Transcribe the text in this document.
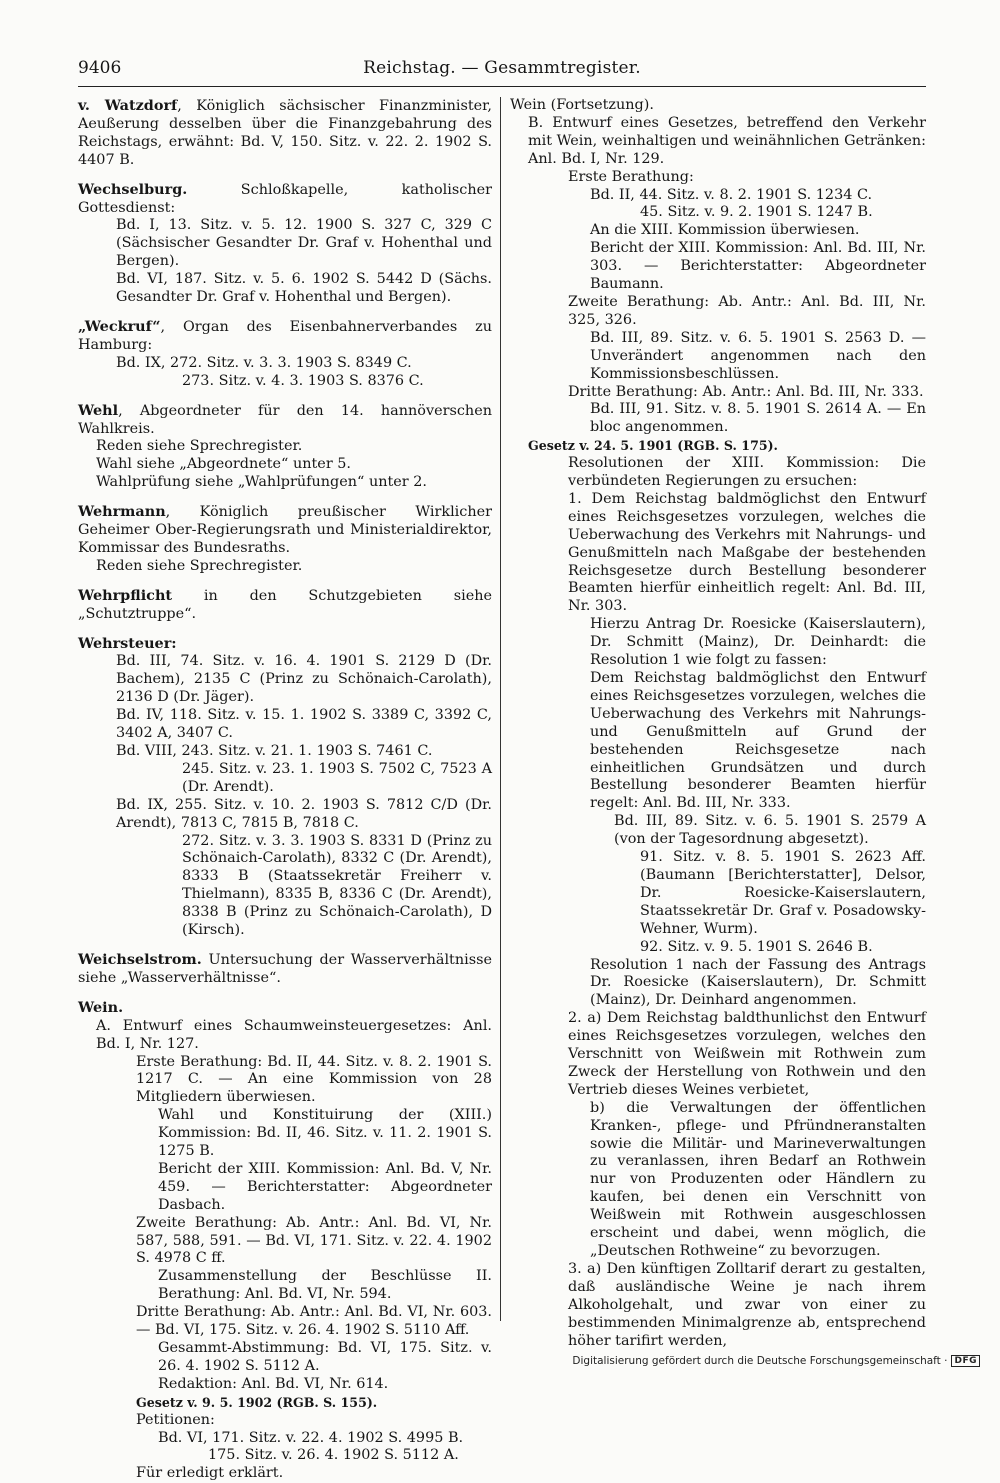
9406	Reichstag. — Gesammtregister.

v. Watzdorf, Königlich sächsischer Finanzminister, Aeußerung desselben über die Finanzgebahrung des Reichstags, erwähnt: Bd. V, 150. Sitz. v. 22. 2. 1902 S. 4407 B.

Wechselburg. Schloßkapelle, katholischer Gottesdienst:

Bd. I, 13. Sitz. v. 5. 12. 1900 S. 327 C, 329 C (Sächsischer Gesandter Dr. Graf v. Hohenthal und Bergen).

Bd. VI, 187. Sitz. v. 5. 6. 1902 S. 5442 D (Sächs. Gesandter Dr. Graf v. Hohenthal und Bergen).

„Weckruf“, Organ des Eisenbahnerverbandes zu Hamburg:

Bd. IX, 272. Sitz. v. 3. 3. 1903 S. 8349 C.

273. Sitz. v. 4. 3. 1903 S. 8376 C.

Wehl, Abgeordneter für den 14. hannöverschen Wahlkreis.

Reden siehe Sprechregister.

Wahl siehe „Abgeordnete“ unter 5.

Wahlprüfung siehe „Wahlprüfungen“ unter 2.

Wehrmann, Königlich preußischer Wirklicher Geheimer Ober-Regierungsrath und Ministerialdirektor, Kommissar des Bundesraths.

Reden siehe Sprechregister.

Wehrpflicht in den Schutzgebieten siehe „Schutztruppe“.

Wehrsteuer:

Bd. III, 74. Sitz. v. 16. 4. 1901 S. 2129 D (Dr. Bachem), 2135 C (Prinz zu Schönaich-Carolath), 2136 D (Dr. Jäger).

Bd. IV, 118. Sitz. v. 15. 1. 1902 S. 3389 C, 3392 C, 3402 A, 3407 C.

Bd. VIII, 243. Sitz. v. 21. 1. 1903 S. 7461 C.

245. Sitz. v. 23. 1. 1903 S. 7502 C, 7523 A (Dr. Arendt).

Bd. IX, 255. Sitz. v. 10. 2. 1903 S. 7812 C/D (Dr. Arendt), 7813 C, 7815 B, 7818 C.

272. Sitz. v. 3. 3. 1903 S. 8331 D (Prinz zu Schönaich-Carolath), 8332 C (Dr. Arendt), 8333 B (Staatssekretär Freiherr v. Thielmann), 8335 B, 8336 C (Dr. Arendt), 8338 B (Prinz zu Schönaich-Carolath), D (Kirsch).

Weichselstrom. Untersuchung der Wasserverhältnisse siehe „Wasserverhältnisse“.

Wein.

A. Entwurf eines Schaumweinsteuergesetzes: Anl. Bd. I, Nr. 127.

Erste Berathung: Bd. II, 44. Sitz. v. 8. 2. 1901 S. 1217 C. — An eine Kommission von 28 Mitgliedern überwiesen.

Wahl und Konstituirung der (XIII.) Kommission: Bd. II, 46. Sitz. v. 11. 2. 1901 S. 1275 B.

Bericht der XIII. Kommission: Anl. Bd. V, Nr. 459. — Berichterstatter: Abgeordneter Dasbach.

Zweite Berathung: Ab. Antr.: Anl. Bd. VI, Nr. 587, 588, 591. — Bd. VI, 171. Sitz. v. 22. 4. 1902 S. 4978 C ff.

Zusammenstellung der Beschlüsse II. Berathung: Anl. Bd. VI, Nr. 594.

Dritte Berathung: Ab. Antr.: Anl. Bd. VI, Nr. 603. — Bd. VI, 175. Sitz. v. 26. 4. 1902 S. 5110 Aff.

Gesammt-Abstimmung: Bd. VI, 175. Sitz. v. 26. 4. 1902 S. 5112 A.

Redaktion: Anl. Bd. VI, Nr. 614.

Gesetz v. 9. 5. 1902 (RGB. S. 155).

Petitionen:

Bd. VI, 171. Sitz. v. 22. 4. 1902 S. 4995 B.

175. Sitz. v. 26. 4. 1902 S. 5112 A.

Für erledigt erklärt.

Wein (Fortsetzung).

B. Entwurf eines Gesetzes, betreffend den Verkehr mit Wein, weinhaltigen und weinähnlichen Getränken: Anl. Bd. I, Nr. 129.

Erste Berathung:

Bd. II, 44. Sitz. v. 8. 2. 1901 S. 1234 C.

45. Sitz. v. 9. 2. 1901 S. 1247 B.

An die XIII. Kommission überwiesen.

Bericht der XIII. Kommission: Anl. Bd. III, Nr. 303. — Berichterstatter: Abgeordneter Baumann.

Zweite Berathung: Ab. Antr.: Anl. Bd. III, Nr. 325, 326.

Bd. III, 89. Sitz. v. 6. 5. 1901 S. 2563 D. — Unverändert angenommen nach den Kommissionsbeschlüssen.

Dritte Berathung: Ab. Antr.: Anl. Bd. III, Nr. 333.

Bd. III, 91. Sitz. v. 8. 5. 1901 S. 2614 A. — En bloc angenommen.

Gesetz v. 24. 5. 1901 (RGB. S. 175).

Resolutionen der XIII. Kommission: Die verbündeten Regierungen zu ersuchen:

1. Dem Reichstag baldmöglichst den Entwurf eines Reichsgesetzes vorzulegen, welches die Ueberwachung des Verkehrs mit Nahrungs- und Genußmitteln nach Maßgabe der bestehenden Reichsgesetze durch Bestellung besonderer Beamten hierfür einheitlich regelt: Anl. Bd. III, Nr. 303.

Hierzu Antrag Dr. Roesicke (Kaiserslautern), Dr. Schmitt (Mainz), Dr. Deinhardt: die Resolution 1 wie folgt zu fassen:

Dem Reichstag baldmöglichst den Entwurf eines Reichsgesetzes vorzulegen, welches die Ueberwachung des Verkehrs mit Nahrungs- und Genußmitteln auf Grund der bestehenden Reichsgesetze nach einheitlichen Grundsätzen und durch Bestellung besonderer Beamten hierfür regelt: Anl. Bd. III, Nr. 333.

Bd. III, 89. Sitz. v. 6. 5. 1901 S. 2579 A (von der Tagesordnung abgesetzt).

91. Sitz. v. 8. 5. 1901 S. 2623 Aff. (Baumann [Berichterstatter], Delsor, Dr. Roesicke-Kaiserslautern, Staatssekretär Dr. Graf v. Posadowsky-Wehner, Wurm).

92. Sitz. v. 9. 5. 1901 S. 2646 B.

Resolution 1 nach der Fassung des Antrags Dr. Roesicke (Kaiserslautern), Dr. Schmitt (Mainz), Dr. Deinhard angenommen.

2. a) Dem Reichstag baldthunlichst den Entwurf eines Reichsgesetzes vorzulegen, welches den Verschnitt von Weißwein mit Rothwein zum Zweck der Herstellung von Rothwein und den Vertrieb dieses Weines verbietet,

b) die Verwaltungen der öffentlichen Kranken-, pflege- und Pfründneranstalten sowie die Militär- und Marineverwaltungen zu veranlassen, ihren Bedarf an Rothwein nur von Produzenten oder Händlern zu kaufen, bei denen ein Verschnitt von Weißwein mit Rothwein ausgeschlossen erscheint und dabei, wenn möglich, die „Deutschen Rothweine“ zu bevorzugen.

3. a) Den künftigen Zolltarif derart zu gestalten, daß ausländische Weine je nach ihrem Alkoholgehalt, und zwar von einer zu bestimmenden Minimalgrenze ab, entsprechend höher tarifirt werden,

Digitalisierung gefördert durch die Deutsche Forschungsgemeinschaft · DFG
